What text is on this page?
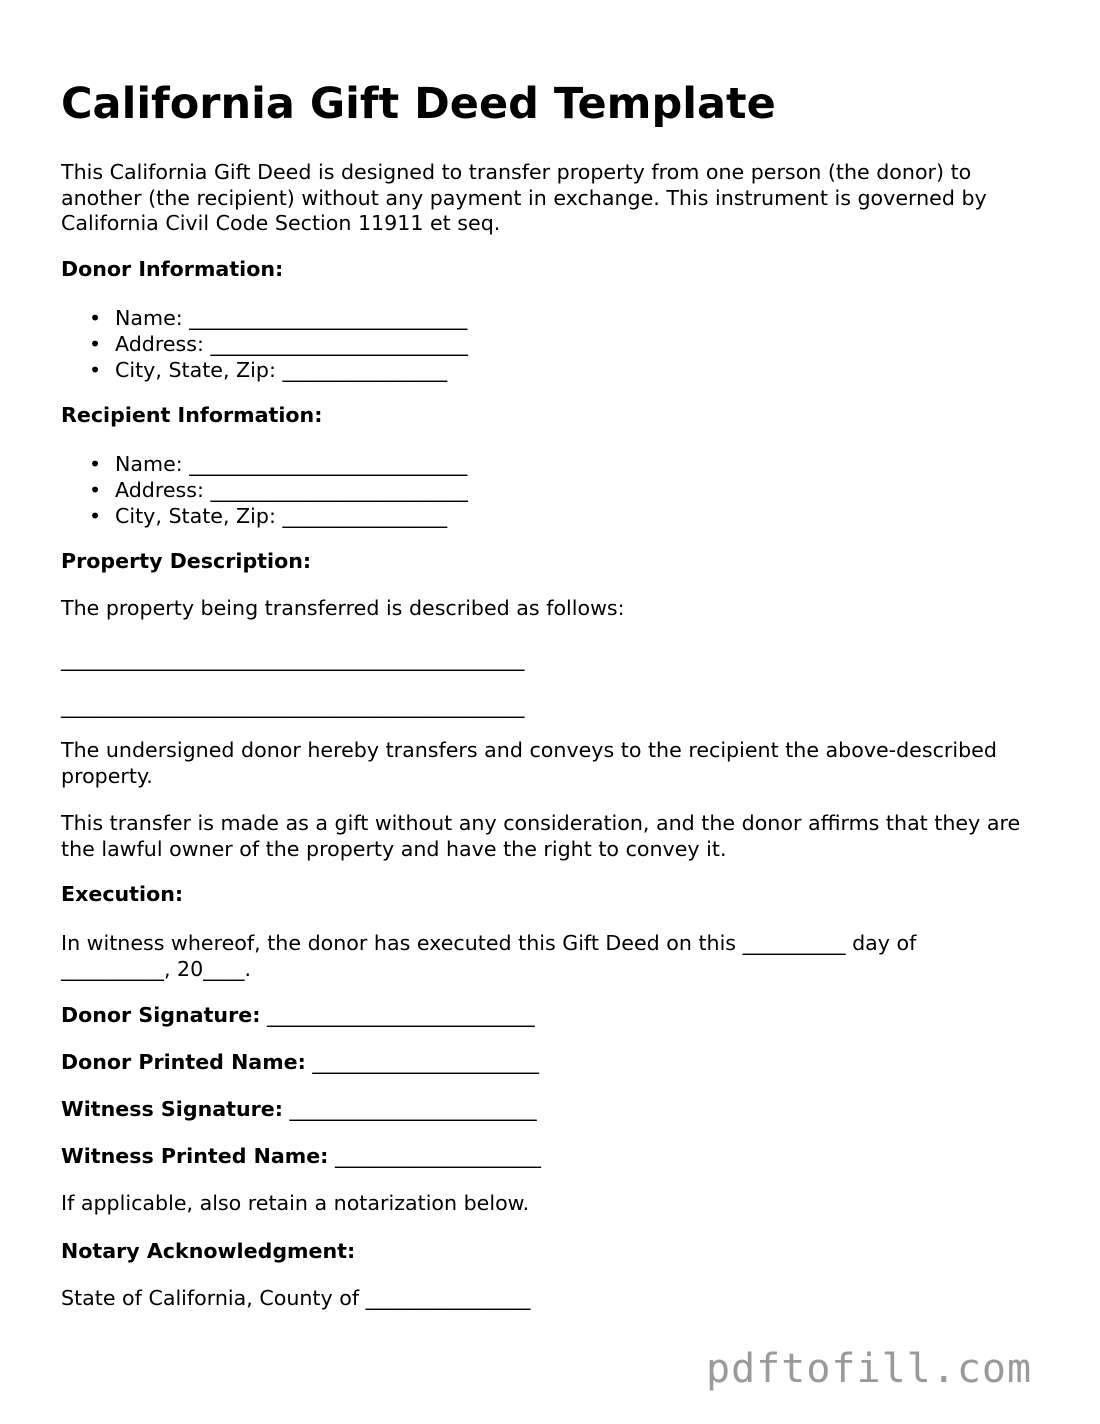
California Gift Deed Template

This California Gift Deed is designed to transfer property from one person (the donor) to another (the recipient) without any payment in exchange. This instrument is governed by California Civil Code Section 11911 et seq.

Donor Information:

• Name: ___________________________
• Address: _________________________
• City, State, Zip: ________________

Recipient Information:

• Name: ___________________________
• Address: _________________________
• City, State, Zip: ________________

Property Description:

The property being transferred is described as follows:

_____________________________________________
_____________________________________________

The undersigned donor hereby transfers and conveys to the recipient the above-described property.

This transfer is made as a gift without any consideration, and the donor affirms that they are the lawful owner of the property and have the right to convey it.

Execution:

In witness whereof, the donor has executed this Gift Deed on this __________ day of __________, 20____.

Donor Signature: __________________________

Donor Printed Name: ______________________

Witness Signature: ________________________

Witness Printed Name: ____________________

If applicable, also retain a notarization below.

Notary Acknowledgment:

State of California, County of ________________

pdftofill.com
